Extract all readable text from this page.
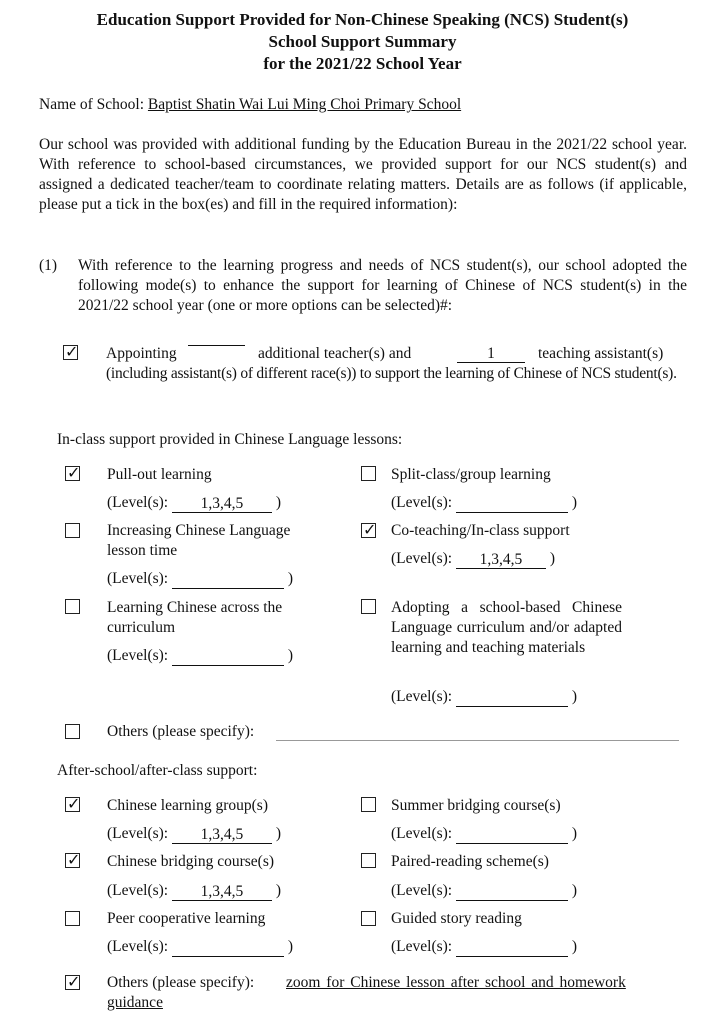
Education Support Provided for Non-Chinese Speaking (NCS) Student(s)
School Support Summary
for the 2021/22 School Year
Name of School: Baptist Shatin Wai Lui Ming Choi Primary School
Our school was provided with additional funding by the Education Bureau in the 2021/22 school year. With reference to school-based circumstances, we provided support for our NCS student(s) and assigned a dedicated teacher/team to coordinate relating matters. Details are as follows (if applicable, please put a tick in the box(es) and fill in the required information):
(1) With reference to the learning progress and needs of NCS student(s), our school adopted the following mode(s) to enhance the support for learning of Chinese of NCS student(s) in the 2021/22 school year (one or more options can be selected)#:
✓ Appointing	additional teacher(s) and	1	teaching assistant(s)
(including assistant(s) of different race(s)) to support the learning of Chinese of NCS student(s).
In-class support provided in Chinese Language lessons:
✓ Pull-out learning
(Level(s): 1,3,4,5 )
Split-class/group learning
(Level(s):	)
Increasing Chinese Language lesson time
(Level(s):	)
✓ Co-teaching/In-class support
(Level(s): 1,3,4,5 )
Learning Chinese across the curriculum
(Level(s):	)
Adopting a school-based Chinese Language curriculum and/or adapted learning and teaching materials
(Level(s):	)
Others (please specify):
After-school/after-class support:
✓ Chinese learning group(s)
(Level(s): 1,3,4,5 )
Summer bridging course(s)
(Level(s):	)
✓ Chinese bridging course(s)
(Level(s): 1,3,4,5 )
Paired-reading scheme(s)
(Level(s):	)
Peer cooperative learning
(Level(s):	)
Guided story reading
(Level(s):	)
✓ Others (please specify): zoom for Chinese lesson after school and homework
guidance
